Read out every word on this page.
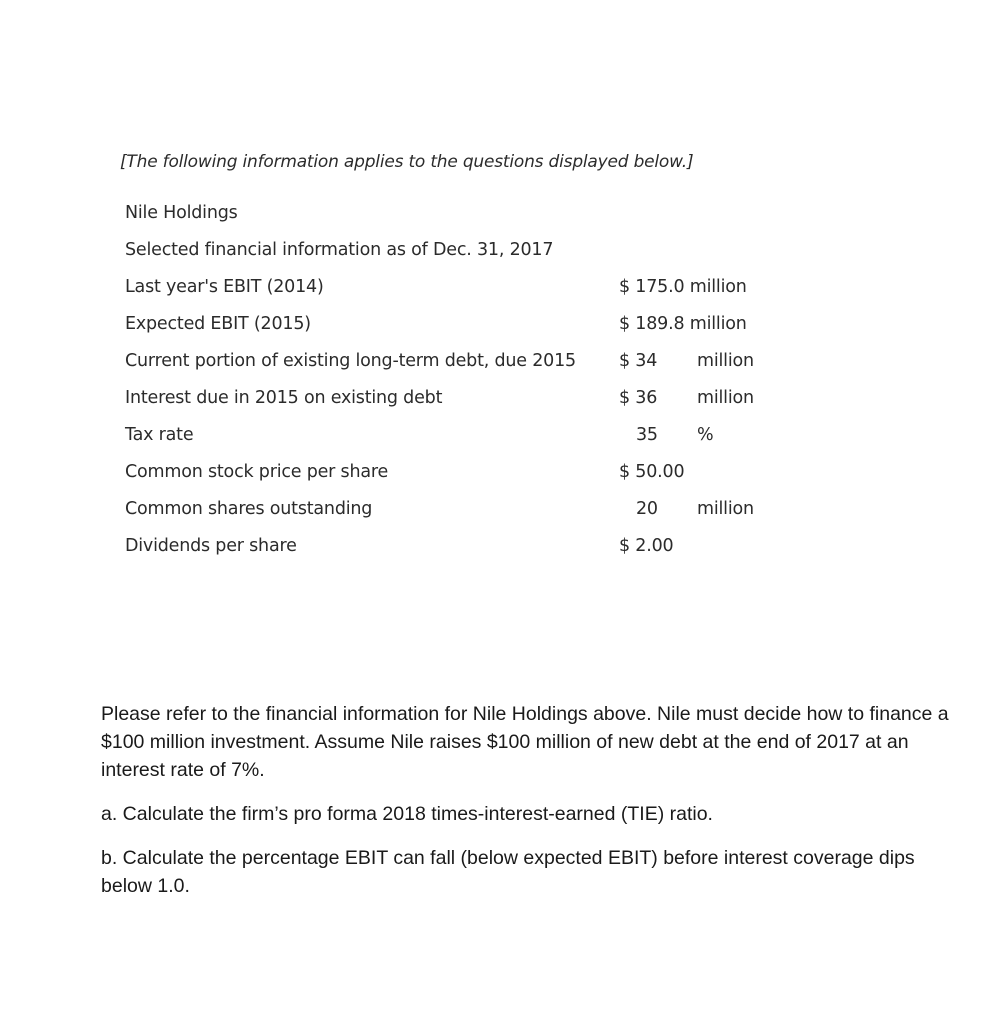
[The following information applies to the questions displayed below.]
Nile Holdings
Selected financial information as of Dec. 31, 2017
Last year's EBIT (2014)	$ 175.0 million
Expected EBIT (2015)	$ 189.8 million
Current portion of existing long-term debt, due 2015 $ 34 million
Interest due in 2015 on existing debt	$ 36 million
Tax rate	35 %
Common stock price per share	$ 50.00
Common shares outstanding	20 million
Dividends per share	$ 2.00

Please refer to the financial information for Nile Holdings above. Nile must decide how to finance a $100 million investment. Assume Nile raises $100 million of new debt at the end of 2017 at an interest rate of 7%.

a. Calculate the firm’s pro forma 2018 times-interest-earned (TIE) ratio.

b. Calculate the percentage EBIT can fall (below expected EBIT) before interest coverage dips below 1.0.
